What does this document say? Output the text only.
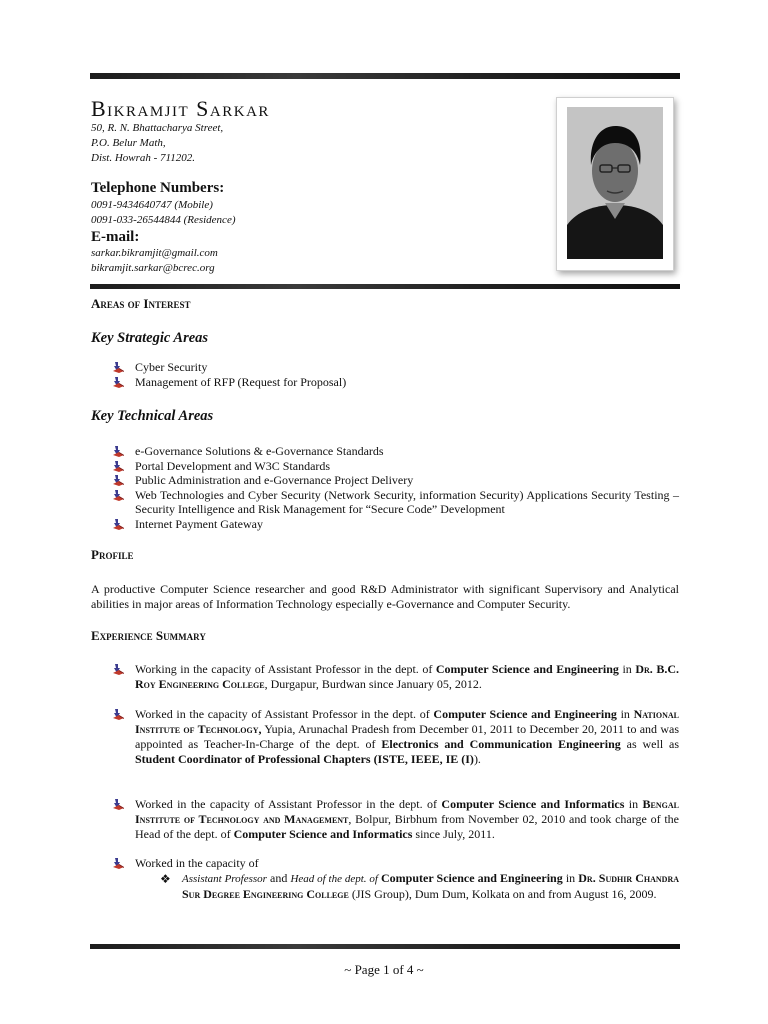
Bikramjit Sarkar
50, R. N. Bhattacharya Street,
P.O. Belur Math,
Dist. Howrah - 711202.
Telephone Numbers:
0091-9434640747 (Mobile)
0091-033-26544844 (Residence)
E-mail:
sarkar.bikramjit@gmail.com
bikramjit.sarkar@bcrec.org
Areas of Interest
Key Strategic Areas
Cyber Security
Management of RFP (Request for Proposal)
Key Technical Areas
e-Governance Solutions & e-Governance Standards
Portal Development and W3C Standards
Public Administration and e-Governance Project Delivery
Web Technologies and Cyber Security (Network Security, information Security) Applications Security Testing – Security Intelligence and Risk Management for “Secure Code” Development
Internet Payment Gateway
Profile

A productive Computer Science researcher and good R&D Administrator with significant Supervisory and Analytical abilities in major areas of Information Technology especially e-Governance and Computer Security.

Experience Summary
Working in the capacity of Assistant Professor in the dept. of Computer Science and Engineering in Dr. B.C. Roy Engineering College, Durgapur, Burdwan since January 05, 2012.
Worked in the capacity of Assistant Professor in the dept. of Computer Science and Engineering in National Institute of Technology, Yupia, Arunachal Pradesh from December 01, 2011 to December 20, 2011 to and was appointed as Teacher-In-Charge of the dept. of Electronics and Communication Engineering as well as Student Coordinator of Professional Chapters (ISTE, IEEE, IE (I)).
Worked in the capacity of Assistant Professor in the dept. of Computer Science and Informatics in Bengal Institute of Technology and Management, Bolpur, Birbhum from November 02, 2010 and took charge of the Head of the dept. of Computer Science and Informatics since July, 2011.
Worked in the capacity of
❖ Assistant Professor and Head of the dept. of Computer Science and Engineering in Dr. Sudhir Chandra Sur Degree Engineering College (JIS Group), Dum Dum, Kolkata on and from August 16, 2009.
~ Page 1 of 4 ~
